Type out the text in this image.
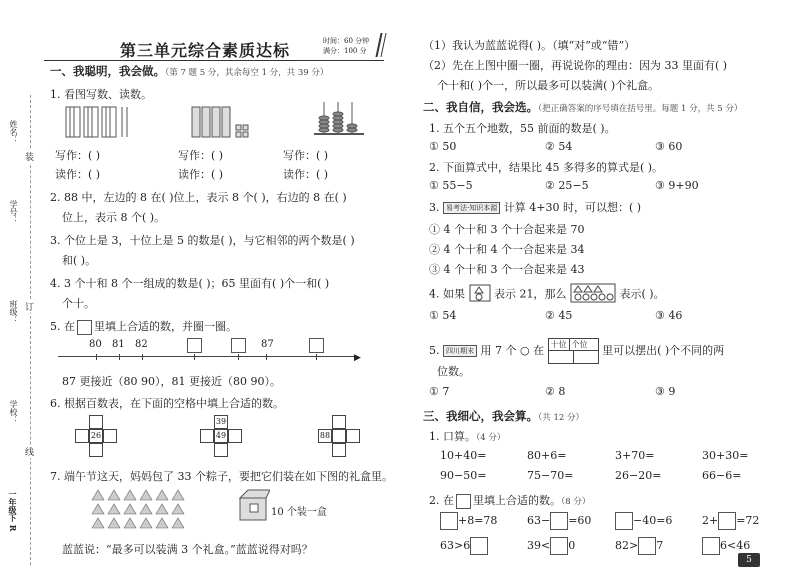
姓名：
学号：
班级：
学校：
装
订
线
一年级下 R
第三单元综合素质达标	时间：60 分钟
满分：100 分
一、我聪明，我会做。（第 7 题 5 分，其余每空 1 分，共 39 分）
1. 看图写数、读数。
写作：( )
读作：( )
写作：( )
读作：( )
写作：( )
读作：( )
2. 88 中，左边的 8 在( )位上，表示 8 个( )，右边的 8 在( )
位上，表示 8 个( )。
3. 个位上是 3，十位上是 5 的数是( )，与它相邻的两个数是( )
和( )。
4. 3 个十和 8 个一组成的数是( )；65 里面有( )个一和( )
个十。
5. 在 里填上合适的数，并圈一圈。
▶
80 81 82	87
87 更接近（80 90），81 更接近（80 90）。
6. 根据百数表，在下面的空格中填上合适的数。
26
39
49	88
7. 端午节这天，妈妈包了 33 个粽子，要把它们装在如下图的礼盒里。
10 个装一盒
蓝蓝说：“最多可以装满 3 个礼盒。”蓝蓝说得对吗？
（1）我认为蓝蓝说得( )。（填“对”或“错”）
（2）先在上图中圈一圈，再说说你的理由：因为 33 里面有( )
个十和( )个一，所以最多可以装满( )个礼盒。
二、我自信，我会选。（把正确答案的序号填在括号里。每题 1 分，共 5 分）
1. 五个五个地数，55 前面的数是( )。
① 50	② 54	③ 60
2. 下面算式中，结果比 45 多得多的算式是( )。
① 55−5	② 25−5	③ 9+90
3. 易考法·知识本源 计算 4+30 时，可以想：( )
① 4 个十和 3 个十合起来是 70
② 4 个十和 4 个一合起来是 34
③ 4 个十和 3 个一合起来是 43
4. 如果	表示 21，那么	表示( )。
① 54	② 45	③ 46
5. 四川期末 用 7 个 ○ 在 十位 个位 里可以摆出( )个不同的两
位数。
① 7	② 8	③ 9
三、我细心，我会算。（共 12 分）
1. 口算。（4 分）
10+40=	80+6=	3+70=	30+30=
90−50=	75−70=	26−20=	66−6=
2. 在 里填上合适的数。（8 分）
+8=78	63− =60	−40=6	2+ =72
63>6	39< 0	82> 7	6<46
5
